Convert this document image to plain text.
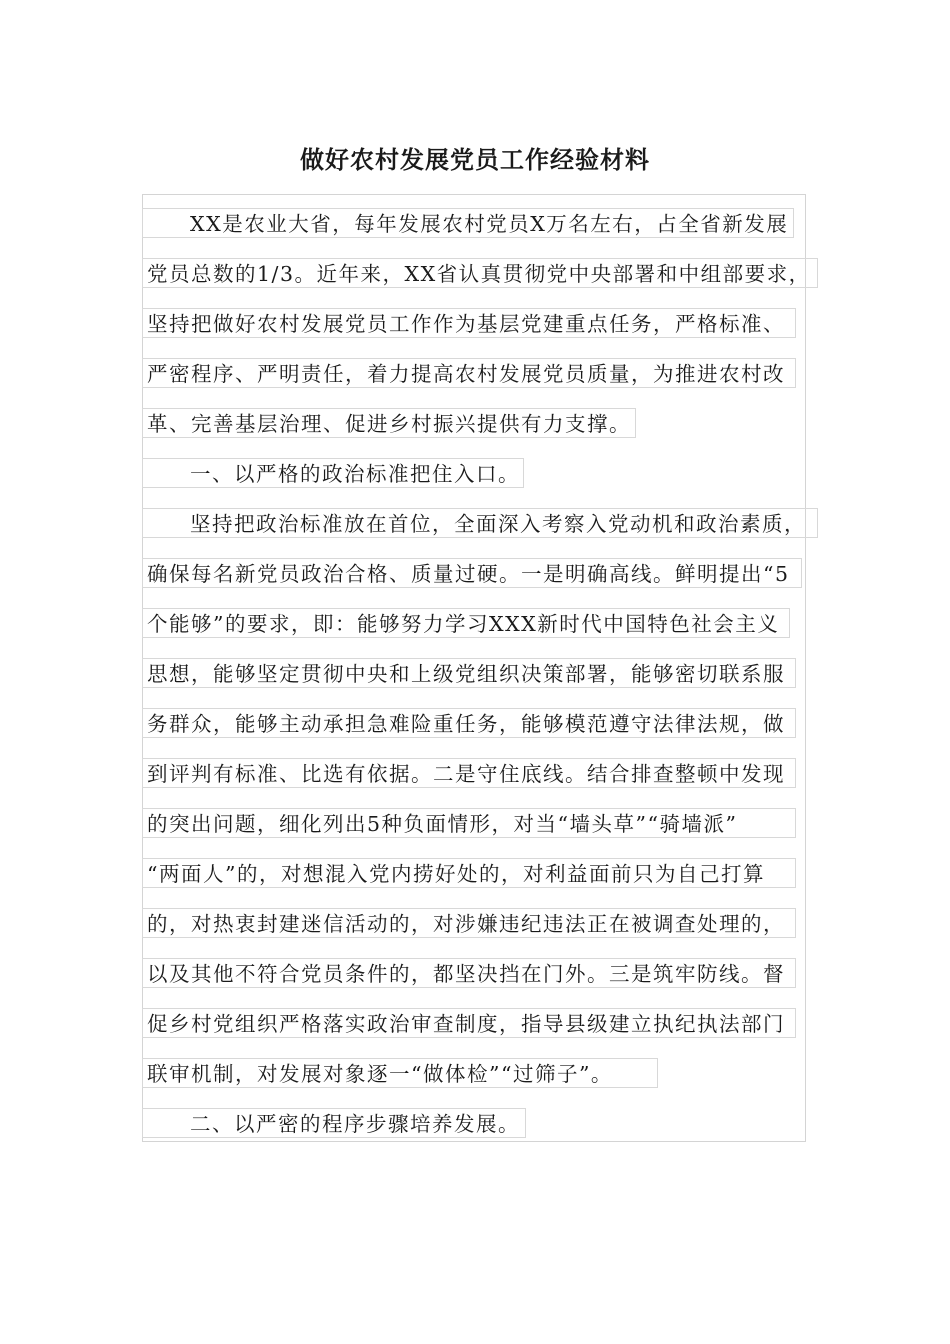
做好农村发展党员工作经验材料
XX是农业大省，每年发展农村党员X万名左右，占全省新发展
党员总数的1/3。近年来，XX省认真贯彻党中央部署和中组部要求，
坚持把做好农村发展党员工作作为基层党建重点任务，严格标准、
严密程序、严明责任，着力提高农村发展党员质量，为推进农村改
革、完善基层治理、促进乡村振兴提供有力支撑。
一、以严格的政治标准把住入口。
坚持把政治标准放在首位，全面深入考察入党动机和政治素质，
确保每名新党员政治合格、质量过硬。一是明确高线。鲜明提出“5
个能够”的要求，即：能够努力学习XXX新时代中国特色社会主义
思想，能够坚定贯彻中央和上级党组织决策部署，能够密切联系服
务群众，能够主动承担急难险重任务，能够模范遵守法律法规，做
到评判有标准、比选有依据。二是守住底线。结合排查整顿中发现
的突出问题，细化列出5种负面情形，对当“墙头草”“骑墙派”
“两面人”的，对想混入党内捞好处的，对利益面前只为自己打算
的，对热衷封建迷信活动的，对涉嫌违纪违法正在被调查处理的，
以及其他不符合党员条件的，都坚决挡在门外。三是筑牢防线。督
促乡村党组织严格落实政治审查制度，指导县级建立执纪执法部门
联审机制，对发展对象逐一“做体检”“过筛子”。
二、以严密的程序步骤培养发展。
